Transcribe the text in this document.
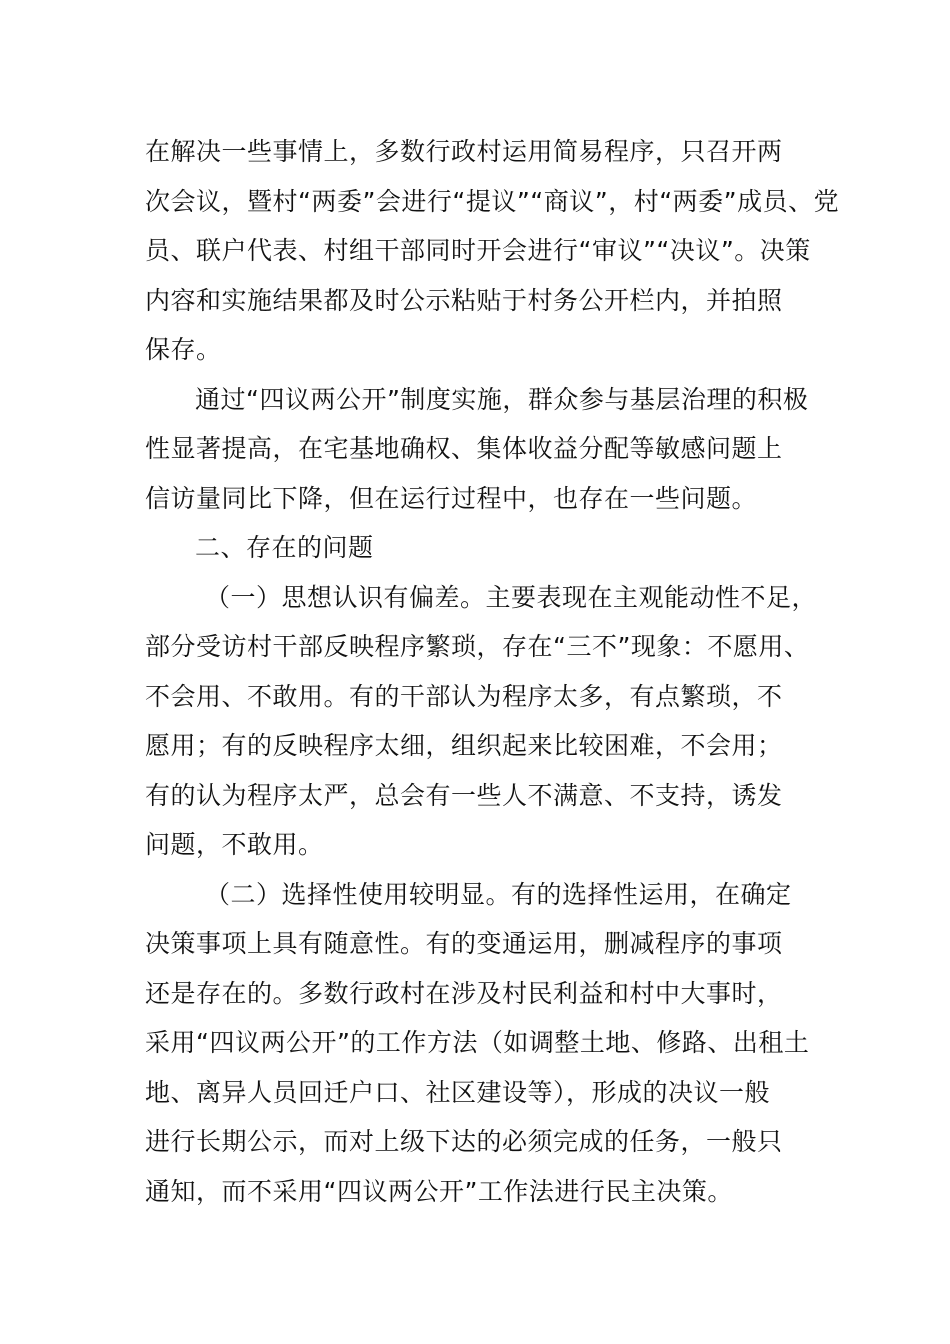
在解决一些事情上，多数行政村运用简易程序，只召开两
次会议，暨村“两委”会进行“提议”“商议”，村“两委”成员、党
员、联户代表、村组干部同时开会进行“审议”“决议”。决策
内容和实施结果都及时公示粘贴于村务公开栏内，并拍照
保存。
通过“四议两公开”制度实施，群众参与基层治理的积极
性显著提高，在宅基地确权、集体收益分配等敏感问题上
信访量同比下降，但在运行过程中，也存在一些问题。
二、存在的问题
（一）思想认识有偏差。主要表现在主观能动性不足，
部分受访村干部反映程序繁琐，存在“三不”现象：不愿用、
不会用、不敢用。有的干部认为程序太多，有点繁琐，不
愿用；有的反映程序太细，组织起来比较困难，不会用；
有的认为程序太严，总会有一些人不满意、不支持，诱发
问题，不敢用。
（二）选择性使用较明显。有的选择性运用，在确定
决策事项上具有随意性。有的变通运用，删减程序的事项
还是存在的。多数行政村在涉及村民利益和村中大事时，
采用“四议两公开”的工作方法（如调整土地、修路、出租土
地、离异人员回迁户口、社区建设等），形成的决议一般
进行长期公示，而对上级下达的必须完成的任务，一般只
通知，而不采用“四议两公开”工作法进行民主决策。
